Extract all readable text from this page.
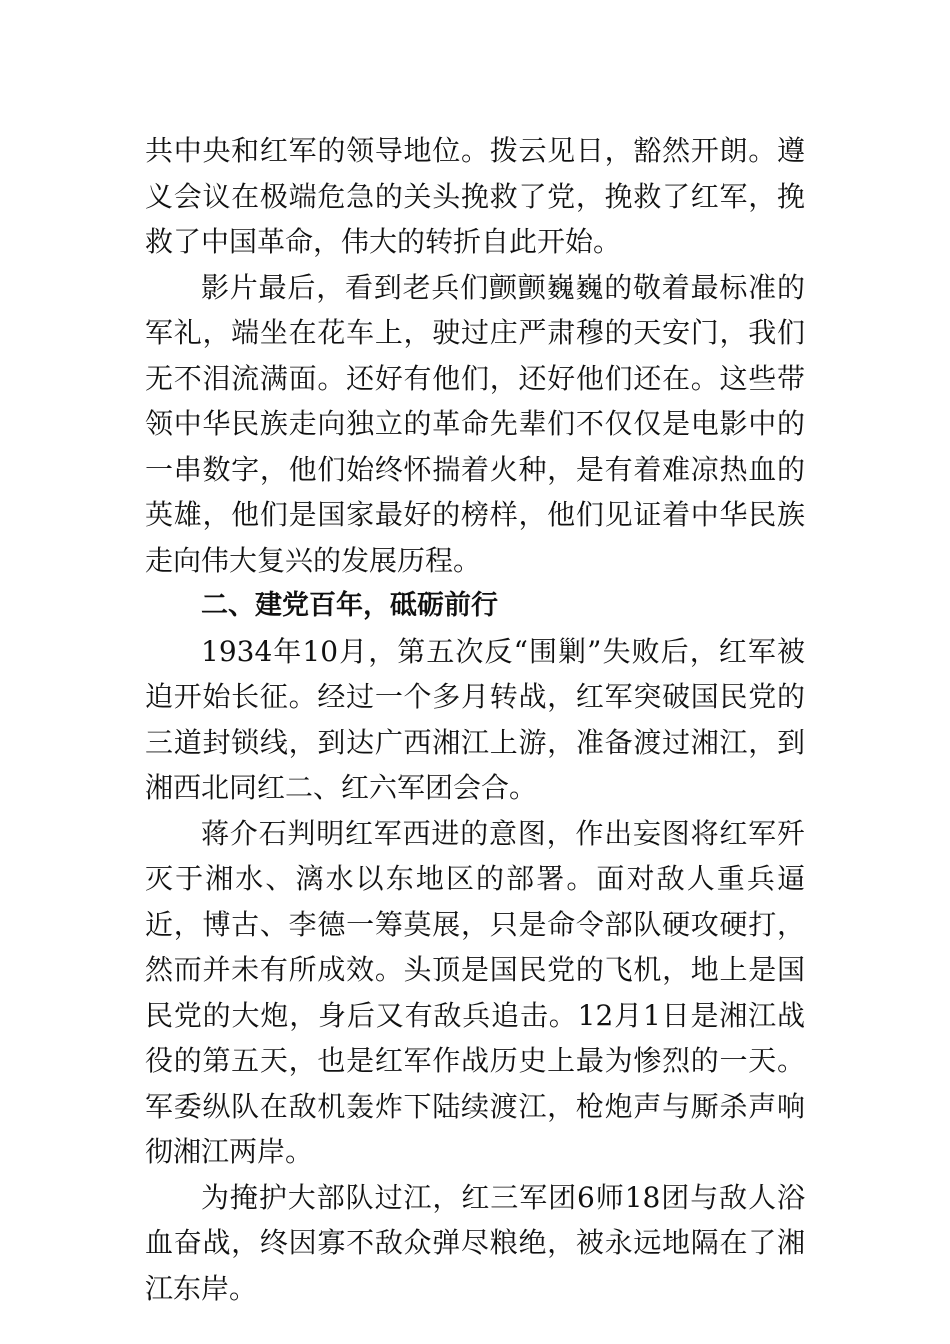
共中央和红军的领导地位。拨云见日，豁然开朗。遵义会议在极端危急的关头挽救了党，挽救了红军，挽救了中国革命，伟大的转折自此开始。

影片最后，看到老兵们颤颤巍巍的敬着最标准的军礼，端坐在花车上，驶过庄严肃穆的天安门，我们无不泪流满面。还好有他们，还好他们还在。这些带领中华民族走向独立的革命先辈们不仅仅是电影中的一串数字，他们始终怀揣着火种，是有着难凉热血的英雄，他们是国家最好的榜样，他们见证着中华民族走向伟大复兴的发展历程。

二、建党百年，砥砺前行

1934年10月，第五次反“围剿”失败后，红军被迫开始长征。经过一个多月转战，红军突破国民党的三道封锁线，到达广西湘江上游，准备渡过湘江，到湘西北同红二、红六军团会合。

蒋介石判明红军西进的意图，作出妄图将红军歼灭于湘水、漓水以东地区的部署。面对敌人重兵逼近，博古、李德一筹莫展，只是命令部队硬攻硬打，然而并未有所成效。头顶是国民党的飞机，地上是国民党的大炮，身后又有敌兵追击。12月1日是湘江战役的第五天，也是红军作战历史上最为惨烈的一天。军委纵队在敌机轰炸下陆续渡江，枪炮声与厮杀声响彻湘江两岸。

为掩护大部队过江，红三军团6师18团与敌人浴血奋战，终因寡不敌众弹尽粮绝，被永远地隔在了湘江东岸。
